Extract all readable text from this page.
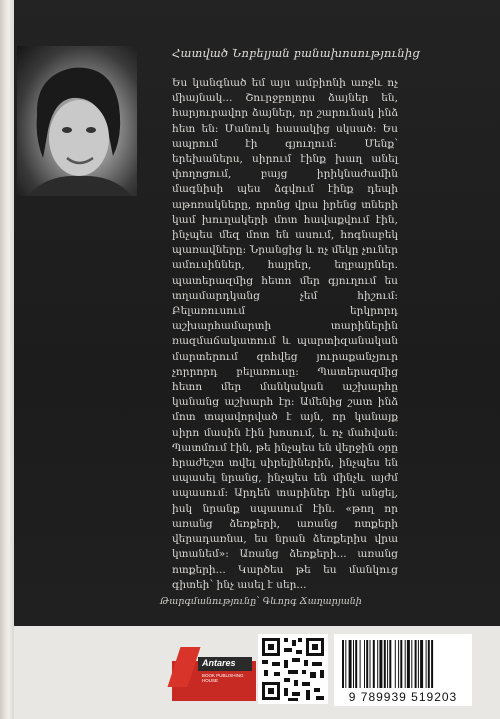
Հատված Նոբելյան բանախոսությունից

Ես կանգնած եմ այս ամբիոնի առջև ոչ միայնակ... Շուրջբոլորս ձայներ են, հարյուրավոր ձայներ, որ շարունակ ինձ հետ են: Մանուկ հասակից սկսած: Ես ապրում էի գյուղում: Մենք՝ երեխաներս, սիրում էինք խաղ անել փողոցում, բայց իրիկնաժամին մագնիսի պես ձգվում էինք դեպի աթոռակները, որոնց վրա իրենց տների կամ խուղակերի մոտ հավաքվում էին, ինչպես մեզ մոտ են ասում, հոգնաբեկ պառավները: Նրանցից և ոչ մեկը չուներ ամուսիններ, հայրեր, եղբայրներ. պատերազմից հետո մեր գյուղում ես տղամարդկանց չեմ հիշում: Բելառուսում երկրորդ աշխարհամարտի տարիներին ռազմաճակատում և պարտիզանական մարտերում զոհվեց յուրաքանչյուր չորրորդ բելառուսը: Պատերազմից հետո մեր մանկական աշխարհը կանանց աշխարհ էր: Ամենից շատ ինձ մոտ տպավորված է այն, որ կանայք սիրո մասին էին խոսում, և ոչ մահվան: Պատմում էին, թե ինչպես են վերջին օրը հրաժեշտ տվել սիրելիներին, ինչպես են սպասել նրանց, ինչպես են մինչև այժմ սպասում: Արդեն տարիներ էին անցել, իսկ նրանք սպասում էին. «թող որ առանց ձեռքերի, առանց ոտքերի վերադառնա, ես նրան ձեռքերիս վրա կտանեմ»: Առանց ձեռքերի... առանց ոտքերի... Կարծես թե ես մանկուց գիտեի՝ ինչ ասել է սեր...

Թարգմանությունը՝ Գևորգ Ճաղարյանի
Antares
BOOK PUBLISHING HOUSE
9 789939 519203
